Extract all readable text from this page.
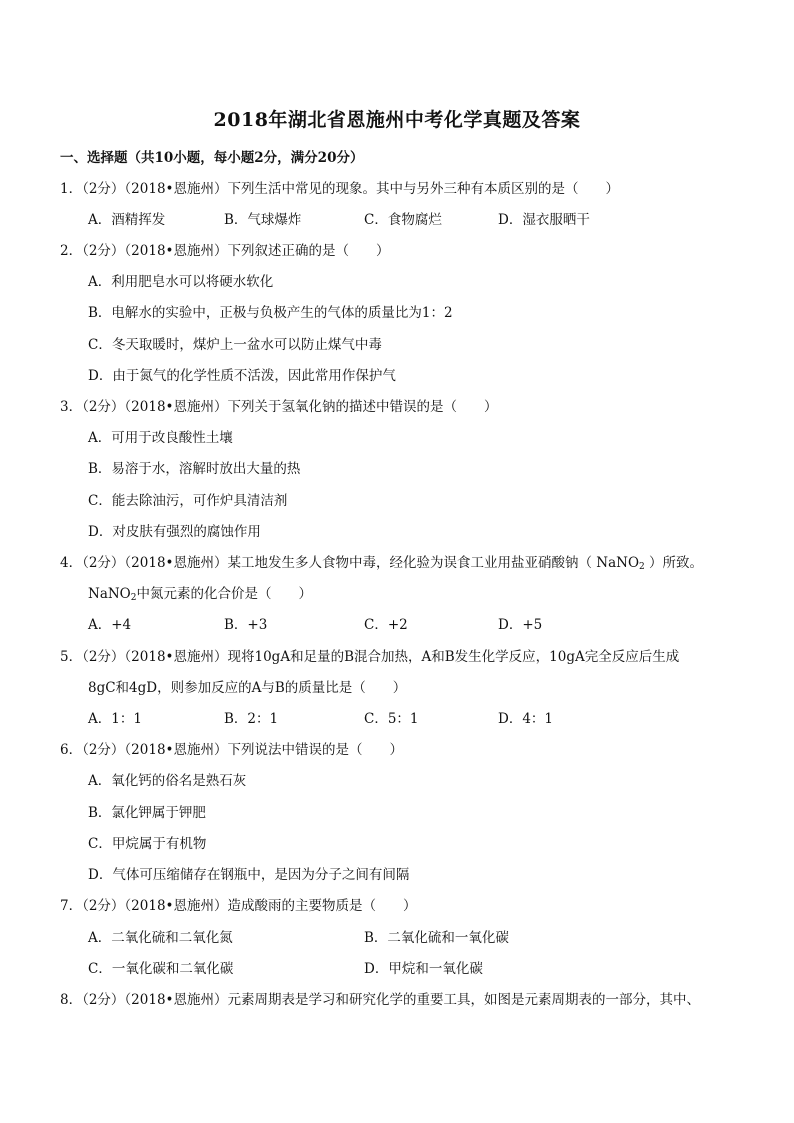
2018年湖北省恩施州中考化学真题及答案
一、选择题（共10小题，每小题2分，满分20分）
1．（2分）（2018•恩施州）下列生活中常见的现象。其中与另外三种有本质区别的是（　　）
A．酒精挥发	B．气球爆炸	C．食物腐烂	D．湿衣服晒干
2．（2分）（2018•恩施州）下列叙述正确的是（　　）
A．利用肥皂水可以将硬水软化
B．电解水的实验中，正极与负极产生的气体的质量比为1：2
C．冬天取暖时，煤炉上一盆水可以防止煤气中毒
D．由于氮气的化学性质不活泼，因此常用作保护气
3．（2分）（2018•恩施州）下列关于氢氧化钠的描述中错误的是（　　）
A．可用于改良酸性土壤
B．易溶于水，溶解时放出大量的热
C．能去除油污，可作炉具清洁剂
D．对皮肤有强烈的腐蚀作用
4．（2分）（2018•恩施州）某工地发生多人食物中毒，经化验为误食工业用盐亚硝酸钠（ NaNO$_2$ ）所致。
NaNO$_2$中氮元素的化合价是（　　）
A．+4	B．+3	C．+2	D．+5
5．（2分）（2018•恩施州）现将10gA和足量的B混合加热，A和B发生化学反应，10gA完全反应后生成
8gC和4gD，则参加反应的A与B的质量比是（　　）
A．1：1	B．2：1	C．5：1	D．4：1
6．（2分）（2018•恩施州）下列说法中错误的是（　　）
A．氧化钙的俗名是熟石灰
B．氯化钾属于钾肥
C．甲烷属于有机物
D．气体可压缩储存在钢瓶中，是因为分子之间有间隔
7．（2分）（2018•恩施州）造成酸雨的主要物质是（　　）
A．二氧化硫和二氧化氮	B．二氧化硫和一氧化碳
C．一氧化碳和二氧化碳	D．甲烷和一氧化碳
8．（2分）（2018•恩施州）元素周期表是学习和研究化学的重要工具，如图是元素周期表的一部分，其中、
